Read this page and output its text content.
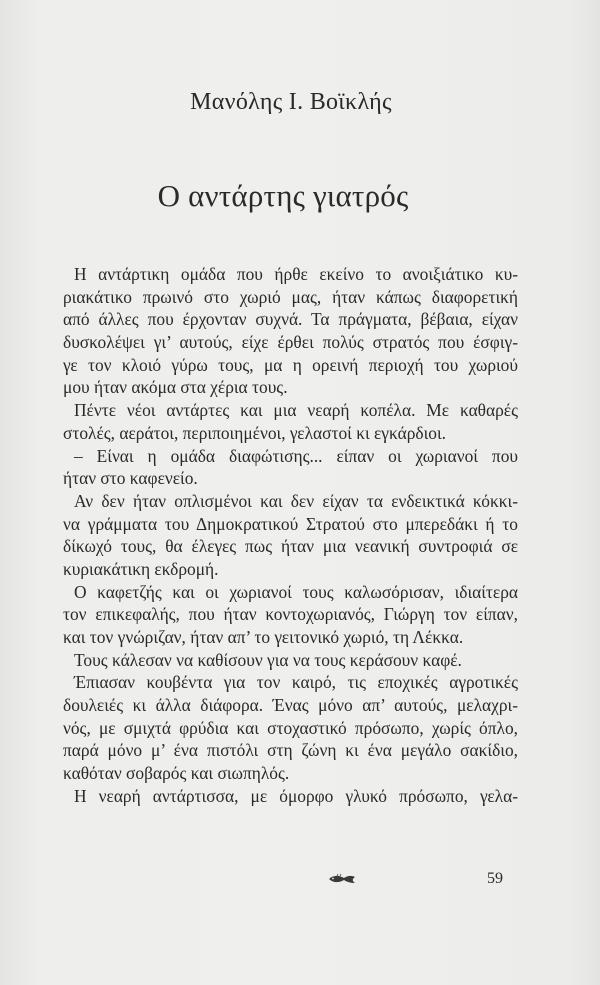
Μανόλης Ι. Βοϊκλής
Ο αντάρτης γιατρός
Η αντάρτικη ομάδα που ήρθε εκείνο το ανοιξιάτικο κυ-
ριακάτικο πρωινό στο χωριό μας, ήταν κάπως διαφορετική
από άλλες που έρχονταν συχνά. Τα πράγματα, βέβαια, είχαν
δυσκολέψει γι’ αυτούς, είχε έρθει πολύς στρατός που έσφιγ-
γε τον κλοιό γύρω τους, μα η ορεινή περιοχή του χωριού
μου ήταν ακόμα στα χέρια τους.
Πέντε νέοι αντάρτες και μια νεαρή κοπέλα. Με καθαρές
στολές, αεράτοι, περιποιημένοι, γελαστοί κι εγκάρδιοι.
– Είναι η ομάδα διαφώτισης... είπαν οι χωριανοί που
ήταν στο καφενείο.
Αν δεν ήταν οπλισμένοι και δεν είχαν τα ενδεικτικά κόκκι-
να γράμματα του Δημοκρατικού Στρατού στο μπερεδάκι ή το
δίκωχό τους, θα έλεγες πως ήταν μια νεανική συντροφιά σε
κυριακάτικη εκδρομή.
Ο καφετζής και οι χωριανοί τους καλωσόρισαν, ιδιαίτερα
τον επικεφαλής, που ήταν κοντοχωριανός, Γιώργη τον είπαν,
και τον γνώριζαν, ήταν απ’ το γειτονικό χωριό, τη Λέκκα.
Τους κάλεσαν να καθίσουν για να τους κεράσουν καφέ.
Έπιασαν κουβέντα για τον καιρό, τις εποχικές αγροτικές
δουλειές κι άλλα διάφορα. Ένας μόνο απ’ αυτούς, μελαχρι-
νός, με σμιχτά φρύδια και στοχαστικό πρόσωπο, χωρίς όπλο,
παρά μόνο μ’ ένα πιστόλι στη ζώνη κι ένα μεγάλο σακίδιο,
καθόταν σοβαρός και σιωπηλός.
Η νεαρή αντάρτισσα, με όμορφο γλυκό πρόσωπο, γελα-
59
